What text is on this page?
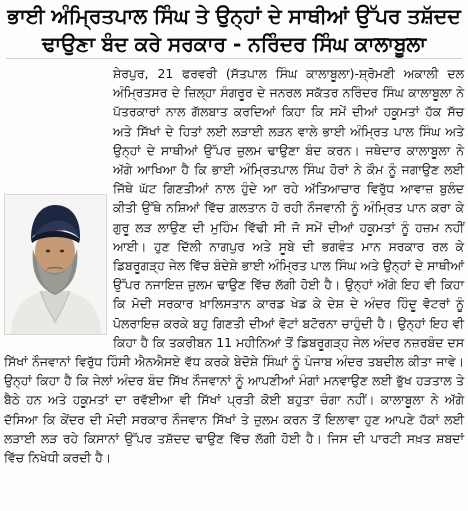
ਭਾਈ ਅੰਮ੍ਰਿਤਪਾਲ ਸਿੰਘ ਤੇ ਉਨ੍ਹਾਂ ਦੇ ਸਾਥੀਆਂ ਉੱਪਰ ਤਸ਼ੱਦਦ ਢਾਉਣਾ ਬੰਦ ਕਰੇ ਸਰਕਾਰ - ਨਰਿੰਦਰ ਸਿੰਘ ਕਾਲਾਬੂਲਾ
ਸ਼ੇਰਪੁਰ, 21 ਫਰਵਰੀ (ਸੱਤਪਾਲ ਸਿੰਘ ਕਾਲਾਬੂਲਾ)-ਸ਼੍ਰੋਮਣੀ ਅਕਾਲੀ ਦਲ ਅੰਮ੍ਰਿਤਸਰ ਦੇ ਜ਼ਿਲ੍ਹਾ ਸੰਗਰੂਰ ਦੇ ਜਨਰਲ ਸਕੱਤਰ ਨਰਿੰਦਰ ਸਿੰਘ ਕਾਲਾਬੂਲਾ ਨੇ ਪੱਤਰਕਾਰਾਂ ਨਾਲ ਗੱਲਬਾਤ ਕਰਦਿਆਂ ਕਿਹਾ ਕਿ ਸਮੇਂ ਦੀਆਂ ਹਕੂਮਤਾਂ ਹੱਕ ਸੱਚ ਅਤੇ ਸਿੱਖਾਂ ਦੇ ਹਿਤਾਂ ਲਈ ਲੜਾਈ ਲੜਨ ਵਾਲੇ ਭਾਈ ਅੰਮ੍ਰਿਤ ਪਾਲ ਸਿੰਘ ਅਤੇ ਉਨ੍ਹਾਂ ਦੇ ਸਾਥੀਆਂ ਉੱਪਰ ਜ਼ੁਲਮ ਢਾਉਣਾ ਬੰਦ ਕਰਨ। ਜਥੇਦਾਰ ਕਾਲਾਬੂਲਾ ਨੇ ਅੱਗੇ ਆਖਿਆ ਹੈ ਕਿ ਭਾਈ ਅੰਮ੍ਰਿਤਪਾਲ ਸਿੰਘ ਹੋਰਾਂ ਨੇ ਕੌਮ ਨੂੰ ਜਗਾਉਣ ਲਈ ਜਿੱਥੇ ਘੱਟ ਗਿਣਤੀਆਂ ਨਾਲ ਹੁੰਦੇ ਆ ਰਹੇ ਅੱਤਿਆਚਾਰ ਵਿਰੁੱਧ ਆਵਾਜ਼ ਬੁਲੰਦ ਕੀਤੀ ਉੱਥੇ ਨਸ਼ਿਆਂ ਵਿੱਚ ਗ਼ਲਤਾਨ ਹੋ ਰਹੀ ਨੌਜਵਾਨੀ ਨੂੰ ਅੰਮ੍ਰਿਤ ਪਾਨ ਕਰਾ ਕੇ ਗੁਰੂ ਲੜ ਲਾਉਣ ਦੀ ਮੁਹਿੰਮ ਵਿੱਢੀ ਸੀ ਜੋ ਸਮੇਂ ਦੀਆਂ ਹਕੂਮਤਾਂ ਨੂੰ ਹਜ਼ਮ ਨਹੀਂ ਆਈ। ਹੁਣ ਦਿੱਲੀ ਨਾਗਪੁਰ ਅਤੇ ਸੂਬੇ ਦੀ ਭਗਵੰਤ ਮਾਨ ਸਰਕਾਰ ਰਲ ਕੇ ਡਿਬਰੂਗੜ੍ਹ ਜੇਲ ਵਿੱਚ ਬੰਦੇਸ਼ੇ ਭਾਈ ਅੰਮ੍ਰਿਤ ਪਾਲ ਸਿੰਘ ਅਤੇ ਉਨ੍ਹਾਂ ਦੇ ਸਾਥੀਆਂ ਉੱਪਰ ਨਜਾਇਜ਼ ਜ਼ੁਲਮ ਢਾਉਣ ਵਿੱਚ ਲੱਗੀ ਹੋਈ ਹੈ। ਉਨ੍ਹਾਂ ਅੱਗੇ ਇਹ ਵੀ ਕਿਹਾ ਕਿ ਮੋਦੀ ਸਰਕਾਰ ਖ਼ਾਲਿਸਤਾਨ ਕਾਰਡ ਖੇਡ ਕੇ ਦੇਸ਼ ਦੇ ਅੰਦਰ ਹਿੰਦੂ ਵੋਟਰਾਂ ਨੂੰ ਪੋਲਰਾਇਜ਼ ਕਰਕੇ ਬਹੁ ਗਿਣਤੀ ਦੀਆਂ ਵੋਟਾਂ ਬਟੋਰਨਾ ਚਾਹੁੰਦੀ ਹੈ। ਉਨ੍ਹਾਂ ਇਹ ਵੀ ਕਿਹਾ ਹੈ ਕਿ ਤਕਰੀਬਨ 11 ਮਹੀਨਿਆਂ ਤੋਂ ਡਿਬਰੂਗੜ੍ਹ ਜੇਲ ਅੰਦਰ ਨਜ਼ਰਬੰਦ ਦਸ ਸਿੱਖਾਂ ਨੌਜਵਾਨਾਂ ਵਿਰੁੱਧ ਹਿੰਸੀ ਐਨਐਸਏ ਵੱਧ ਕਰਕੇ ਬੇਦੋਸ਼ੇ ਸਿੰਘਾਂ ਨੂੰ ਪੰਜਾਬ ਅੰਦਰ ਤਬਦੀਲ ਕੀਤਾ ਜਾਵੇ। ਉਨ੍ਹਾਂ ਕਿਹਾ ਹੈ ਕਿ ਜੇਲਾਂ ਅੰਦਰ ਬੰਦ ਸਿੱਖ ਨੌਜਵਾਨਾਂ ਨੂੰ ਆਪਣੀਆਂ ਮੰਗਾਂ ਮਨਵਾਉਣ ਲਈ ਭੁੱਖ ਹੜਤਾਲ ਤੇ ਬੈਠੇ ਹਨ ਅਤੇ ਹਕੂਮਤਾਂ ਦਾ ਰਵੱਈਆ ਵੀ ਸਿੱਖਾਂ ਪ੍ਰਤੀ ਕੋਈ ਬਹੁਤਾ ਚੰਗਾ ਨਹੀਂ। ਕਾਲਾਬੂਲਾ ਨੇ ਅੱਗੇ ਦੱਸਿਆ ਕਿ ਕੇਂਦਰ ਦੀ ਮੋਦੀ ਸਰਕਾਰ ਨੌਜਵਾਨ ਸਿੱਖਾਂ ਤੇ ਜ਼ੁਲਮ ਕਰਨ ਤੋਂ ਇਲਾਵਾ ਹੁਣ ਆਪਣੇ ਹੱਕਾਂ ਲਈ ਲੜਾਈ ਲੜ ਰਹੇ ਕਿਸਾਨਾਂ ਉੱਪਰ ਤਸ਼ੱਦਦ ਢਾਉਣ ਵਿੱਚ ਲੱਗੀ ਹੋਈ ਹੈ। ਜਿਸ ਦੀ ਪਾਰਟੀ ਸਖ਼ਤ ਸ਼ਬਦਾਂ ਵਿੱਚ ਨਿਖੇਧੀ ਕਰਦੀ ਹੈ।
